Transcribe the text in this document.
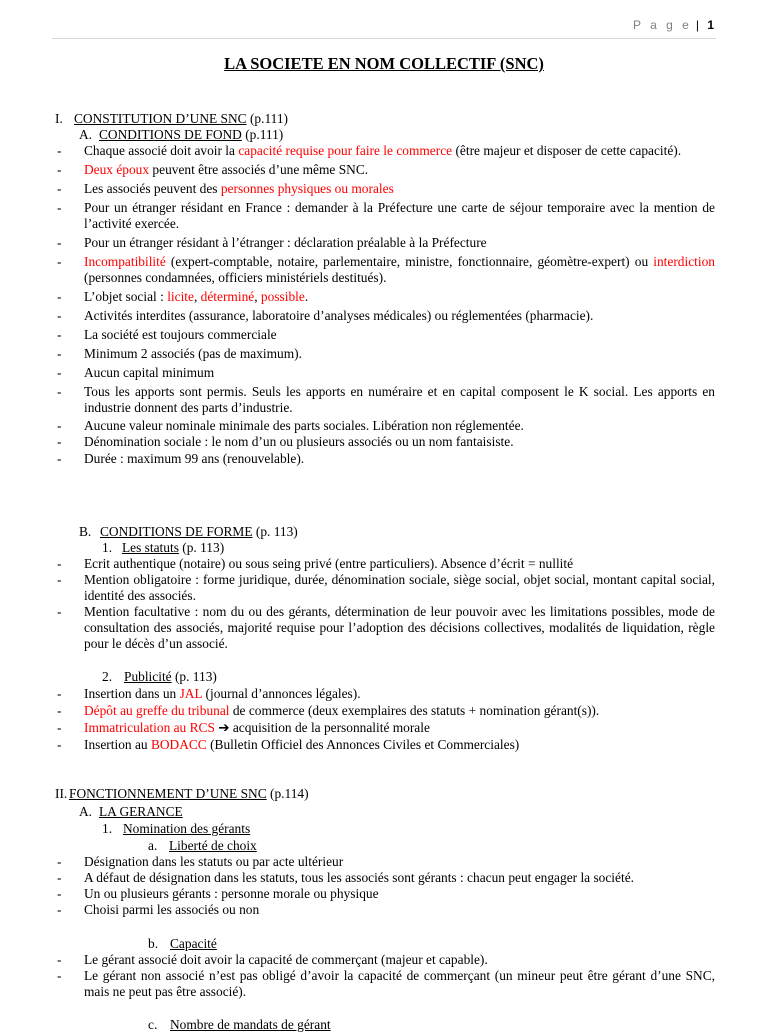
P a g e | 1
LA SOCIETE EN NOM COLLECTIF (SNC)
I. CONSTITUTION D’UNE SNC (p.111)
A. CONDITIONS DE FOND (p.111)
- Chaque associé doit avoir la capacité requise pour faire le commerce (être majeur et disposer de cette capacité).
- Deux époux peuvent être associés d’une même SNC.
- Les associés peuvent des personnes physiques ou morales
- Pour un étranger résidant en France : demander à la Préfecture une carte de séjour temporaire avec la mention de l’activité exercée.
- Pour un étranger résidant à l’étranger : déclaration préalable à la Préfecture
- Incompatibilité (expert-comptable, notaire, parlementaire, ministre, fonctionnaire, géomètre-expert) ou interdiction (personnes condamnées, officiers ministériels destitués).
- L’objet social : licite, déterminé, possible.
- Activités interdites (assurance, laboratoire d’analyses médicales) ou réglementées (pharmacie).
- La société est toujours commerciale
- Minimum 2 associés (pas de maximum).
- Aucun capital minimum
- Tous les apports sont permis. Seuls les apports en numéraire et en capital composent le K social. Les apports en industrie donnent des parts d’industrie.
- Aucune valeur nominale minimale des parts sociales. Libération non réglementée.
- Dénomination sociale : le nom d’un ou plusieurs associés ou un nom fantaisiste.
- Durée : maximum 99 ans (renouvelable).
B. CONDITIONS DE FORME (p. 113)
1. Les statuts (p. 113)
- Ecrit authentique (notaire) ou sous seing privé (entre particuliers). Absence d’écrit = nullité
- Mention obligatoire : forme juridique, durée, dénomination sociale, siège social, objet social, montant capital social, identité des associés.
- Mention facultative : nom du ou des gérants, détermination de leur pouvoir avec les limitations possibles, mode de consultation des associés, majorité requise pour l’adoption des décisions collectives, modalités de liquidation, règle pour le décès d’un associé.
2. Publicité (p. 113)
- Insertion dans un JAL (journal d’annonces légales).
- Dépôt au greffe du tribunal de commerce (deux exemplaires des statuts + nomination gérant(s)).
- Immatriculation au RCS ➔ acquisition de la personnalité morale
- Insertion au BODACC (Bulletin Officiel des Annonces Civiles et Commerciales)
II. FONCTIONNEMENT D’UNE SNC (p.114)
A. LA GERANCE
1. Nomination des gérants
a. Liberté de choix
- Désignation dans les statuts ou par acte ultérieur
- A défaut de désignation dans les statuts, tous les associés sont gérants : chacun peut engager la société.
- Un ou plusieurs gérants : personne morale ou physique
- Choisi parmi les associés ou non
b. Capacité
- Le gérant associé doit avoir la capacité de commerçant (majeur et capable).
- Le gérant non associé n’est pas obligé d’avoir la capacité de commerçant (un mineur peut être gérant d’une SNC, mais ne peut pas être associé).
c. Nombre de mandats de gérant
